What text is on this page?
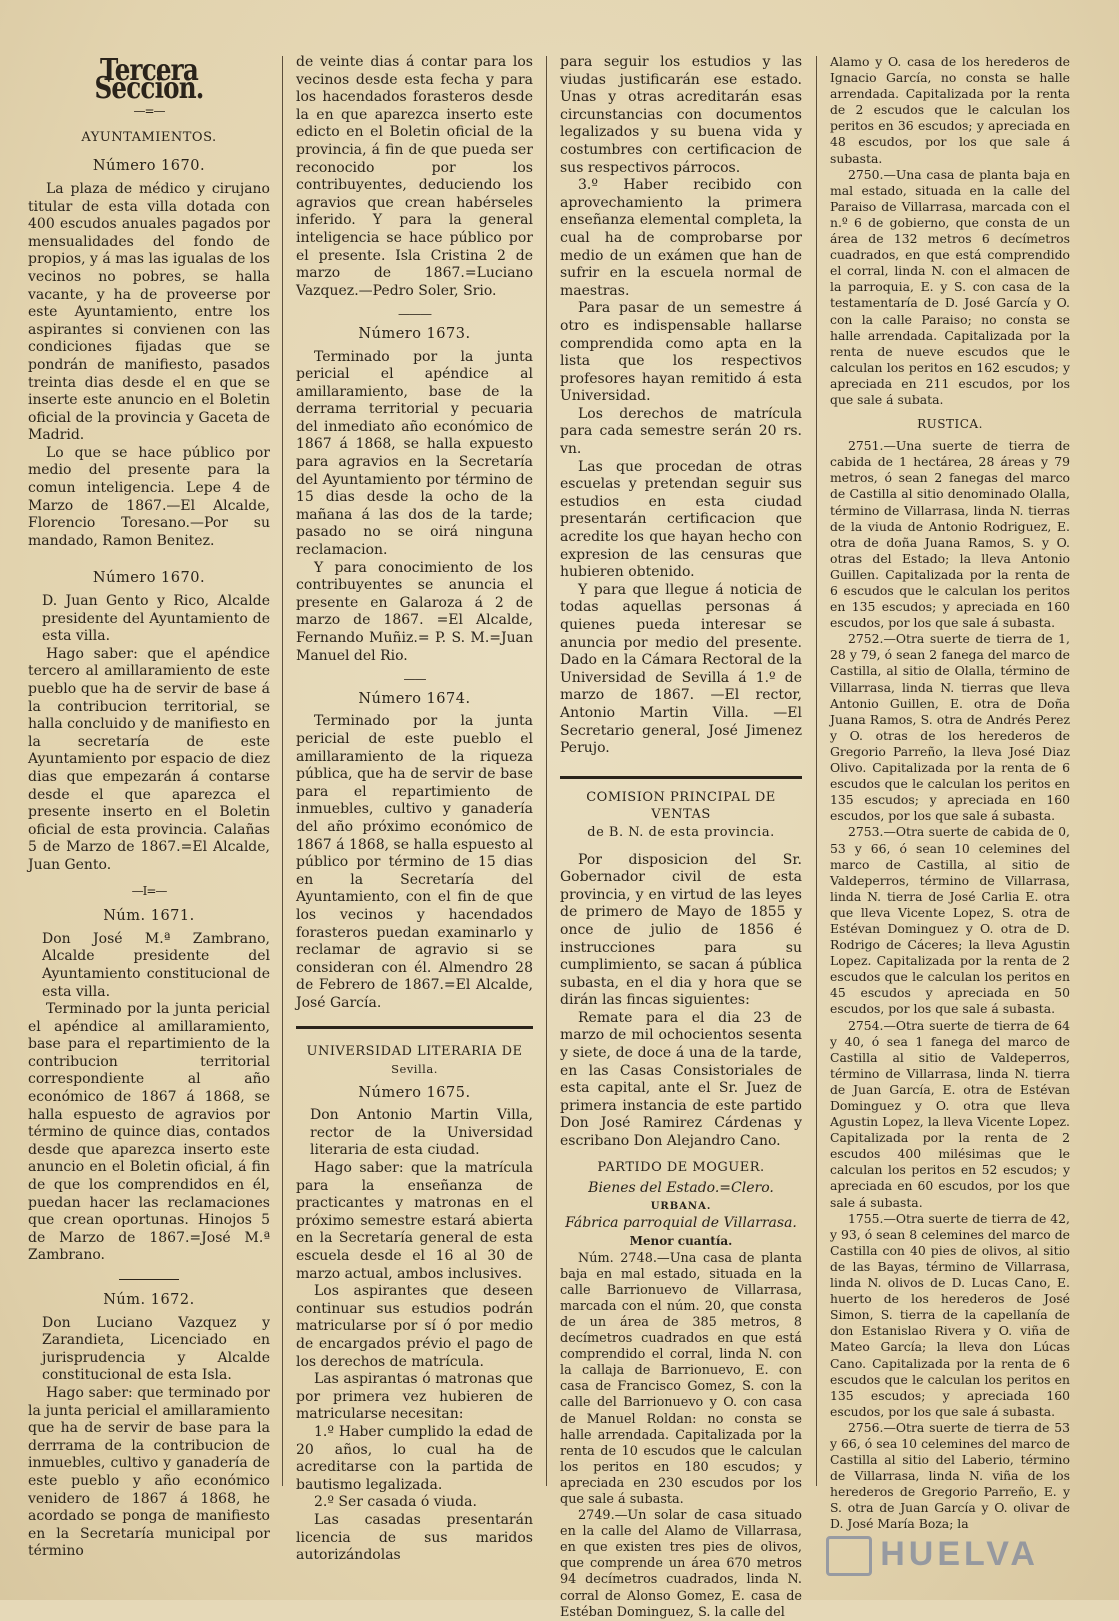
Tercera Seccion.
—=—
AYUNTAMIENTOS.
Número 1670.

La plaza de médico y cirujano titular de esta villa dotada con 400 escudos anuales pagados por mensualidades del fondo de propios, y á mas las igualas de los vecinos no pobres, se halla vacante, y ha de proveerse por este Ayuntamiento, entre los aspirantes si convienen con las condiciones fijadas que se pondrán de manifiesto, pasados treinta dias desde el en que se inserte este anuncio en el Boletin oficial de la provincia y Gaceta de Madrid.

Lo que se hace público por medio del presente para la comun inteligencia. Lepe 4 de Marzo de 1867.—El Alcalde, Florencio Toresano.—Por su mandado, Ramon Benitez.

Número 1670.

D. Juan Gento y Rico, Alcalde presidente del Ayuntamiento de esta villa.

Hago saber: que el apéndice tercero al amillaramiento de este pueblo que ha de servir de base á la contribucion territorial, se halla concluido y de manifiesto en la secretaría de este Ayuntamiento por espacio de diez dias que empezarán á contarse desde el que aparezca el presente inserto en el Boletin oficial de esta provincia. Calañas 5 de Marzo de 1867.=El Alcalde, Juan Gento.

—I=—
Núm. 1671.

Don José M.ª Zambrano, Alcalde presidente del Ayuntamiento constitucional de esta villa.

Terminado por la junta pericial el apéndice al amillaramiento, base para el repartimiento de la contribucion territorial correspondiente al año económico de 1867 á 1868, se halla espuesto de agravios por término de quince dias, contados desde que aparezca inserto este anuncio en el Boletin oficial, á fin de que los comprendidos en él, puedan hacer las reclamaciones que crean oportunas. Hinojos 5 de Marzo de 1867.=José M.ª Zambrano.

Núm. 1672.

Don Luciano Vazquez y Zarandieta, Licenciado en jurisprudencia y Alcalde constitucional de esta Isla.

Hago saber: que terminado por la junta pericial el amillaramiento que ha de servir de base para la derrrama de la contribucion de inmuebles, cultivo y ganadería de este pueblo y año económico venidero de 1867 á 1868, he acordado se ponga de manifiesto en la Secretaría municipal por término

de veinte dias á contar para los vecinos desde esta fecha y para los hacendados forasteros desde la en que aparezca inserto este edicto en el Boletin oficial de la provincia, á fin de que pueda ser reconocido por los contribuyentes, deduciendo los agravios que crean habérseles inferido. Y para la general inteligencia se hace público por el presente. Isla Cristina 2 de marzo de 1867.=Luciano Vazquez.—Pedro Soler, Srio.

———
Número 1673.

Terminado por la junta pericial el apéndice al amillaramiento, base de la derrama territorial y pecuaria del inmediato año económico de 1867 á 1868, se halla expuesto para agravios en la Secretaría del Ayuntamiento por término de 15 dias desde la ocho de la mañana á las dos de la tarde; pasado no se oirá ninguna reclamacion.

Y para conocimiento de los contribuyentes se anuncia el presente en Galaroza á 2 de marzo de 1867. =El Alcalde, Fernando Muñiz.= P. S. M.=Juan Manuel del Rio.

——
Número 1674.

Terminado por la junta pericial de este pueblo el amillaramiento de la riqueza pública, que ha de servir de base para el repartimiento de inmuebles, cultivo y ganadería del año próximo económico de 1867 á 1868, se halla espuesto al público por término de 15 dias en la Secretaría del Ayuntamiento, con el fin de que los vecinos y hacendados forasteros puedan examinarlo y reclamar de agravio si se consideran con él. Almendro 28 de Febrero de 1867.=El Alcalde, José García.

UNIVERSIDAD LITERARIA DE
Sevilla.
Número 1675.

Don Antonio Martin Villa, rector de la Universidad literaria de esta ciudad.

Hago saber: que la matrícula para la enseñanza de practicantes y matronas en el próximo semestre estará abierta en la Secretaría general de esta escuela desde el 16 al 30 de marzo actual, ambos inclusives.

Los aspirantes que deseen continuar sus estudios podrán matricularse por sí ó por medio de encargados prévio el pago de los derechos de matrícula.

Las aspirantas ó matronas que por primera vez hubieren de matricularse necesitan:

1.º Haber cumplido la edad de 20 años, lo cual ha de acreditarse con la partida de bautismo legalizada.

2.º Ser casada ó viuda.

Las casadas presentarán licencia de sus maridos autorizándolas

para seguir los estudios y las viudas justificarán ese estado. Unas y otras acreditarán esas circunstancias con documentos legalizados y su buena vida y costumbres con certificacion de sus respectivos párrocos.

3.º Haber recibido con aprovechamiento la primera enseñanza elemental completa, la cual ha de comprobarse por medio de un exámen que han de sufrir en la escuela normal de maestras.

Para pasar de un semestre á otro es indispensable hallarse comprendida como apta en la lista que los respectivos profesores hayan remitido á esta Universidad.

Los derechos de matrícula para cada semestre serán 20 rs. vn.

Las que procedan de otras escuelas y pretendan seguir sus estudios en esta ciudad presentarán certificacion que acredite los que hayan hecho con expresion de las censuras que hubieren obtenido.

Y para que llegue á noticia de todas aquellas personas á quienes pueda interesar se anuncia por medio del presente. Dado en la Cámara Rectoral de la Universidad de Sevilla á 1.º de marzo de 1867. —El rector, Antonio Martin Villa. —El Secretario general, José Jimenez Perujo.

COMISION PRINCIPAL DE VENTAS
de B. N. de esta provincia.

Por disposicion del Sr. Gobernador civil de esta provincia, y en virtud de las leyes de primero de Mayo de 1855 y once de julio de 1856 é instrucciones para su cumplimiento, se sacan á pública subasta, en el dia y hora que se dirán las fincas siguientes:

Remate para el dia 23 de marzo de mil ochocientos sesenta y siete, de doce á una de la tarde, en las Casas Consistoriales de esta capital, ante el Sr. Juez de primera instancia de este partido Don José Ramirez Cárdenas y escribano Don Alejandro Cano.

PARTIDO DE MOGUER.
Bienes del Estado.=Clero.
URBANA.
Fábrica parroquial de Villarrasa.
Menor cuantía.

Núm. 2748.—Una casa de planta baja en mal estado, situada en la calle Barrionuevo de Villarrasa, marcada con el núm. 20, que consta de un área de 385 metros, 8 decímetros cuadrados en que está comprendido el corral, linda N. con la callaja de Barrionuevo, E. con casa de Francisco Gomez, S. con la calle del Barrionuevo y O. con casa de Manuel Roldan: no consta se halle arrendada. Capitalizada por la renta de 10 escudos que le calculan los peritos en 180 escudos; y apreciada en 230 escudos por los que sale á subasta.

2749.—Un solar de casa situado en la calle del Alamo de Villarrasa, en que existen tres pies de olivos, que comprende un área 670 metros 94 decímetros cuadrados, linda N. corral de Alonso Gomez, E. casa de Estéban Dominguez, S. la calle del

Alamo y O. casa de los herederos de Ignacio García, no consta se halle arrendada. Capitalizada por la renta de 2 escudos que le calculan los peritos en 36 escudos; y apreciada en 48 escudos, por los que sale á subasta.

2750.—Una casa de planta baja en mal estado, situada en la calle del Paraiso de Villarrasa, marcada con el n.º 6 de gobierno, que consta de un área de 132 metros 6 decímetros cuadrados, en que está comprendido el corral, linda N. con el almacen de la parroquia, E. y S. con casa de la testamentaría de D. José García y O. con la calle Paraiso; no consta se halle arrendada. Capitalizada por la renta de nueve escudos que le calculan los peritos en 162 escudos; y apreciada en 211 escudos, por los que sale á subata.

RUSTICA.

2751.—Una suerte de tierra de cabida de 1 hectárea, 28 áreas y 79 metros, ó sean 2 fanegas del marco de Castilla al sitio denominado Olalla, término de Villarrasa, linda N. tierras de la viuda de Antonio Rodriguez, E. otra de doña Juana Ramos, S. y O. otras del Estado; la lleva Antonio Guillen. Capitalizada por la renta de 6 escudos que le calculan los peritos en 135 escudos; y apreciada en 160 escudos, por los que sale á subasta.

2752.—Otra suerte de tierra de 1, 28 y 79, ó sean 2 fanega del marco de Castilla, al sitio de Olalla, término de Villarrasa, linda N. tierras que lleva Antonio Guillen, E. otra de Doña Juana Ramos, S. otra de Andrés Perez y O. otras de los herederos de Gregorio Parreño, la lleva José Diaz Olivo. Capitalizada por la renta de 6 escudos que le calculan los peritos en 135 escudos; y apreciada en 160 escudos, por los que sale á subasta.

2753.—Otra suerte de cabida de 0, 53 y 66, ó sean 10 celemines del marco de Castilla, al sitio de Valdeperros, término de Villarrasa, linda N. tierra de José Carlia E. otra que lleva Vicente Lopez, S. otra de Estévan Dominguez y O. otra de D. Rodrigo de Cáceres; la lleva Agustin Lopez. Capitalizada por la renta de 2 escudos que le calculan los peritos en 45 escudos y apreciada en 50 escudos, por los que sale á subasta.

2754.—Otra suerte de tierra de 64 y 40, ó sea 1 fanega del marco de Castilla al sitio de Valdeperros, término de Villarrasa, linda N. tierra de Juan García, E. otra de Estévan Dominguez y O. otra que lleva Agustin Lopez, la lleva Vicente Lopez. Capitalizada por la renta de 2 escudos 400 milésimas que le calculan los peritos en 52 escudos; y apreciada en 60 escudos, por los que sale á subasta.

1755.—Otra suerte de tierra de 42, y 93, ó sean 8 celemines del marco de Castilla con 40 pies de olivos, al sitio de las Bayas, término de Villarrasa, linda N. olivos de D. Lucas Cano, E. huerto de los herederos de José Simon, S. tierra de la capellanía de don Estanislao Rivera y O. viña de Mateo García; la lleva don Lúcas Cano. Capitalizada por la renta de 6 escudos que le calculan los peritos en 135 escudos; y apreciada 160 escudos, por los que sale á subasta.

2756.—Otra suerte de tierra de 53 y 66, ó sea 10 celemines del marco de Castilla al sitio del Laberio, término de Villarrasa, linda N. viña de los herederos de Gregorio Parreño, E. y S. otra de Juan García y O. olivar de D. José María Boza; la

HUELVA
